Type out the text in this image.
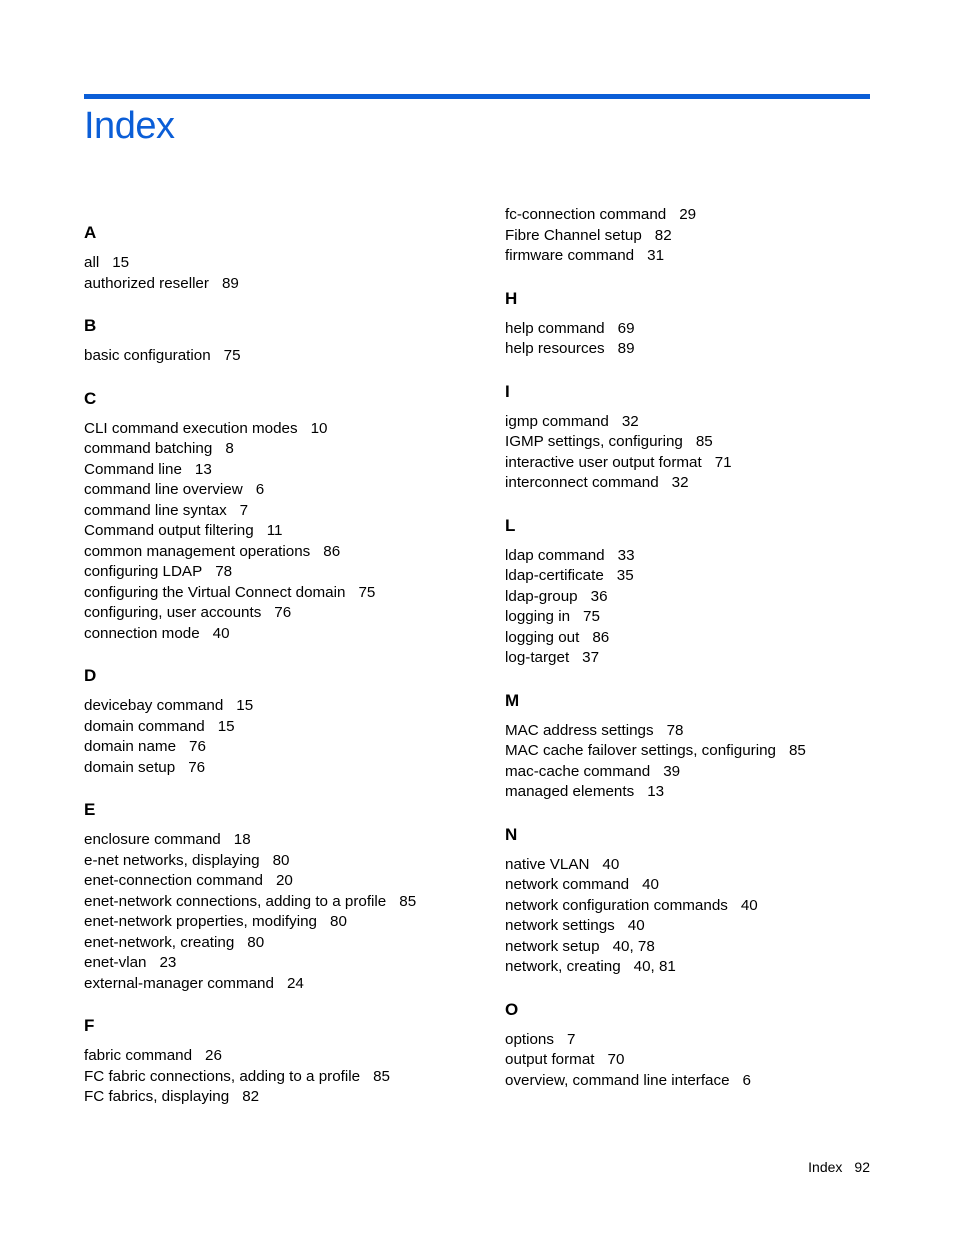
Index
A
all 15
authorized reseller 89
B
basic configuration 75
C
CLI command execution modes 10
command batching 8
Command line 13
command line overview 6
command line syntax 7
Command output filtering 11
common management operations 86
configuring LDAP 78
configuring the Virtual Connect domain 75
configuring, user accounts 76
connection mode 40
D
devicebay command 15
domain command 15
domain name 76
domain setup 76
E
enclosure command 18
e-net networks, displaying 80
enet-connection command 20
enet-network connections, adding to a profile 85
enet-network properties, modifying 80
enet-network, creating 80
enet-vlan 23
external-manager command 24
F
fabric command 26
FC fabric connections, adding to a profile 85
FC fabrics, displaying 82
fc-connection command 29
Fibre Channel setup 82
firmware command 31
H
help command 69
help resources 89
I
igmp command 32
IGMP settings, configuring 85
interactive user output format 71
interconnect command 32
L
ldap command 33
ldap-certificate 35
ldap-group 36
logging in 75
logging out 86
log-target 37
M
MAC address settings 78
MAC cache failover settings, configuring 85
mac-cache command 39
managed elements 13
N
native VLAN 40
network command 40
network configuration commands 40
network settings 40
network setup 40, 78
network, creating 40, 81
O
options 7
output format 70
overview, command line interface 6
Index 92
